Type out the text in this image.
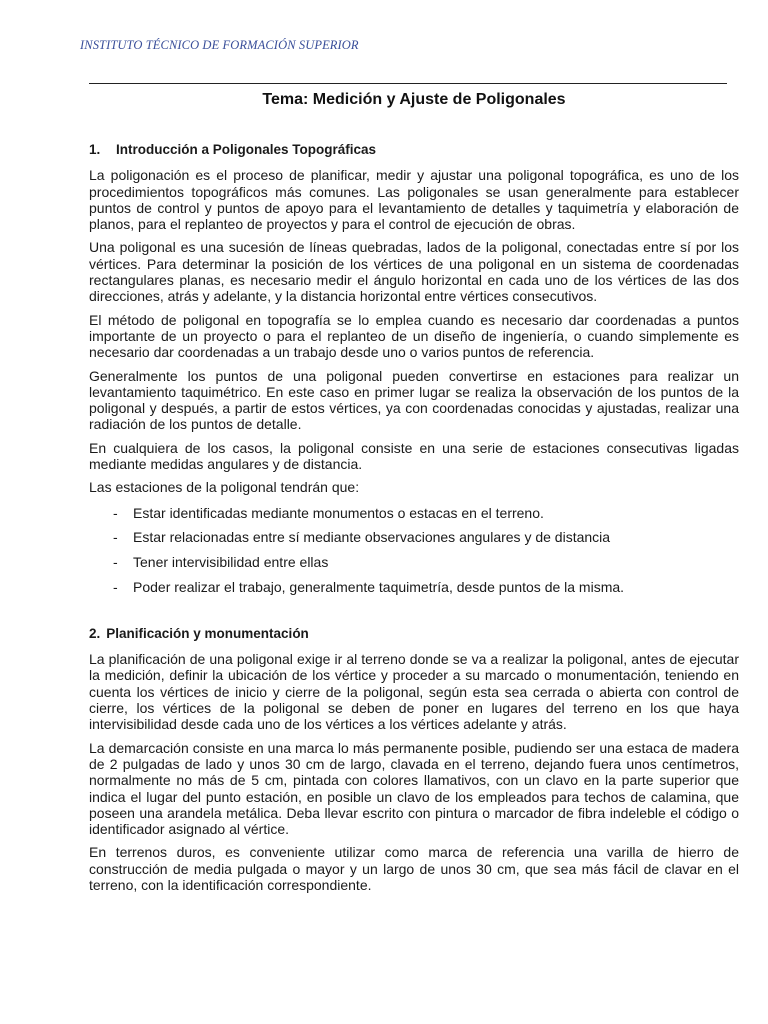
INSTITUTO TÉCNICO DE FORMACIÓN SUPERIOR
Tema: Medición y Ajuste de Poligonales
1. Introducción a Poligonales Topográficas

La poligonación es el proceso de planificar, medir y ajustar una poligonal topográfica, es uno de los procedimientos topográficos más comunes. Las poligonales se usan generalmente para establecer puntos de control y puntos de apoyo para el levantamiento de detalles y taquimetría y elaboración de planos, para el replanteo de proyectos y para el control de ejecución de obras.

Una poligonal es una sucesión de líneas quebradas, lados de la poligonal, conectadas entre sí por los vértices. Para determinar la posición de los vértices de una poligonal en un sistema de coordenadas rectangulares planas, es necesario medir el ángulo horizontal en cada uno de los vértices de las dos direcciones, atrás y adelante, y la distancia horizontal entre vértices consecutivos.

El método de poligonal en topografía se lo emplea cuando es necesario dar coordenadas a puntos importante de un proyecto o para el replanteo de un diseño de ingeniería, o cuando simplemente es necesario dar coordenadas a un trabajo desde uno o varios puntos de referencia.

Generalmente los puntos de una poligonal pueden convertirse en estaciones para realizar un levantamiento taquimétrico. En este caso en primer lugar se realiza la observación de los puntos de la poligonal y después, a partir de estos vértices, ya con coordenadas conocidas y ajustadas, realizar una radiación de los puntos de detalle.

En cualquiera de los casos, la poligonal consiste en una serie de estaciones consecutivas ligadas mediante medidas angulares y de distancia.

Las estaciones de la poligonal tendrán que:

- Estar identificadas mediante monumentos o estacas en el terreno.
- Estar relacionadas entre sí mediante observaciones angulares y de distancia
- Tener intervisibilidad entre ellas
- Poder realizar el trabajo, generalmente taquimetría, desde puntos de la misma.
2. Planificación y monumentación

La planificación de una poligonal exige ir al terreno donde se va a realizar la poligonal, antes de ejecutar la medición, definir la ubicación de los vértice y proceder a su marcado o monumentación, teniendo en cuenta los vértices de inicio y cierre de la poligonal, según esta sea cerrada o abierta con control de cierre, los vértices de la poligonal se deben de poner en lugares del terreno en los que haya intervisibilidad desde cada uno de los vértices a los vértices adelante y atrás.

La demarcación consiste en una marca lo más permanente posible, pudiendo ser una estaca de madera de 2 pulgadas de lado y unos 30 cm de largo, clavada en el terreno, dejando fuera unos centímetros, normalmente no más de 5 cm, pintada con colores llamativos, con un clavo en la parte superior que indica el lugar del punto estación, en posible un clavo de los empleados para techos de calamina, que poseen una arandela metálica. Deba llevar escrito con pintura o marcador de fibra indeleble el código o identificador asignado al vértice.

En terrenos duros, es conveniente utilizar como marca de referencia una varilla de hierro de construcción de media pulgada o mayor y un largo de unos 30 cm, que sea más fácil de clavar en el terreno, con la identificación correspondiente.
